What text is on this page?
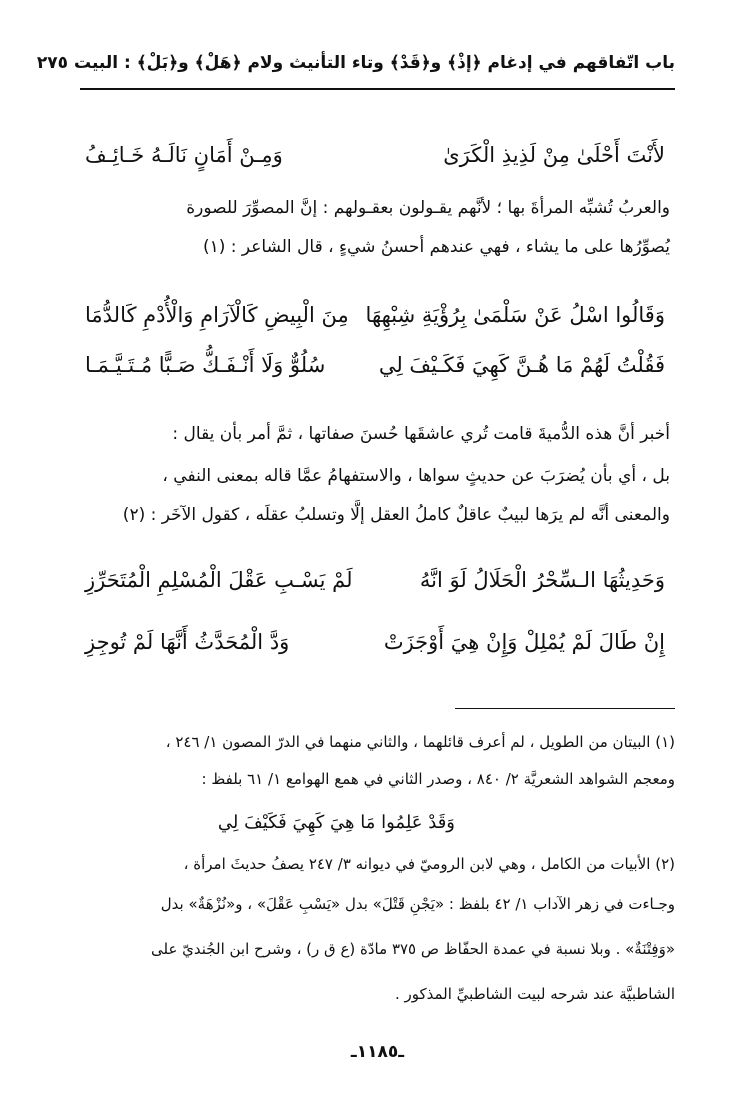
باب اتّفاقهم في إدغام ﴿إذْ﴾ و﴿قَدْ﴾ وتاء التأنيث ولام ﴿هَلْ﴾ و﴿بَلْ﴾ : البيت ٢٧٥
لأَنْتَ أَحْلَىٰ مِنْ لَذِيذِ الْكَرَىٰ
وَمِـنْ أَمَانٍ نَالَـهُ خَـائِـفُ
والعربُ تُشبِّه المرأةَ بها ؛ لأنَّهم يقـولون بعقـولهم : إنَّ المصوِّرَ للصورة
يُصوِّرُها على ما يشاء ، فهي عندهم أحسنُ شيءٍ ، قال الشاعر : (١)
وَقَالُوا اسْلُ عَنْ سَلْمَىٰ بِرُؤْيَةِ شِبْهِهَا
مِنَ الْبِيضِ كَالْآرَامِ وَالْأُدْمِ كَالدُّمَا
فَقُلْتُ لَهُمْ مَا هُـنَّ كَهِيَ فَكَـيْفَ لِي
سُلُوٌّ وَلَا أَنْـفَـكُّ صَـبًّا مُـتَـيَّـمَـا
أخبر أنَّ هذه الدُّميةَ قامت تُري عاشقَها حُسنَ صفاتها ، ثمَّ أمر بأن يقال :
بل ، أي بأن يُضرَبَ عن حديثٍ سواها ، والاستفهامُ عمَّا قاله بمعنى النفي ،
والمعنى أنَّه لم يرَها لبيبٌ عاقلٌ كاملُ العقل إلَّا وتسلبُ عقلَه ، كقول الآخَر : (٢)
وَحَدِيثُهَا الـسِّحْرُ الْحَلَالُ لَوَ انَّهُ
لَمْ يَسْـبِ عَقْلَ الْمُسْلِمِ الْمُتَحَرِّزِ
إِنْ طَالَ لَمْ يُمْلِلْ وَإِنْ هِيَ أَوْجَزَتْ
وَدَّ الْمُحَدَّثُ أَنَّهَا لَمْ تُوجِزِ
(١) البيتان من الطويل ، لم أعرف قائلهما ، والثاني منهما في الدرّ المصون ١/ ٢٤٦ ،
ومعجم الشواهد الشعريَّة ٢/ ٨٤٠ ، وصدر الثاني في همع الهوامع ١/ ٦١ بلفظ :
وَقَدْ عَلِمُوا مَا هِيَ كَهِيَ فَكَيْفَ لِي
(٢) الأبيات من الكامل ، وهي لابن الروميّ في ديوانه ٣/ ٢٤٧ يصفُ حديثَ امرأة ،
وجـاءت في زهر الآداب ١/ ٤٢ بلفظ : «يَجْنِ قَتْلَ» بدل «يَسْبِ عَقْلَ» ، و«نُزْهَةٌ» بدل
«وَفِتْنَةٌ» . وبلا نسبة في عمدة الحفّاظ ص ٣٧٥ مادّة (ع ق ر) ، وشرح ابن الجُنديّ على
الشاطبيَّة عند شرحه لبيت الشاطبيِّ المذكور .
ـ١١٨٥ـ
